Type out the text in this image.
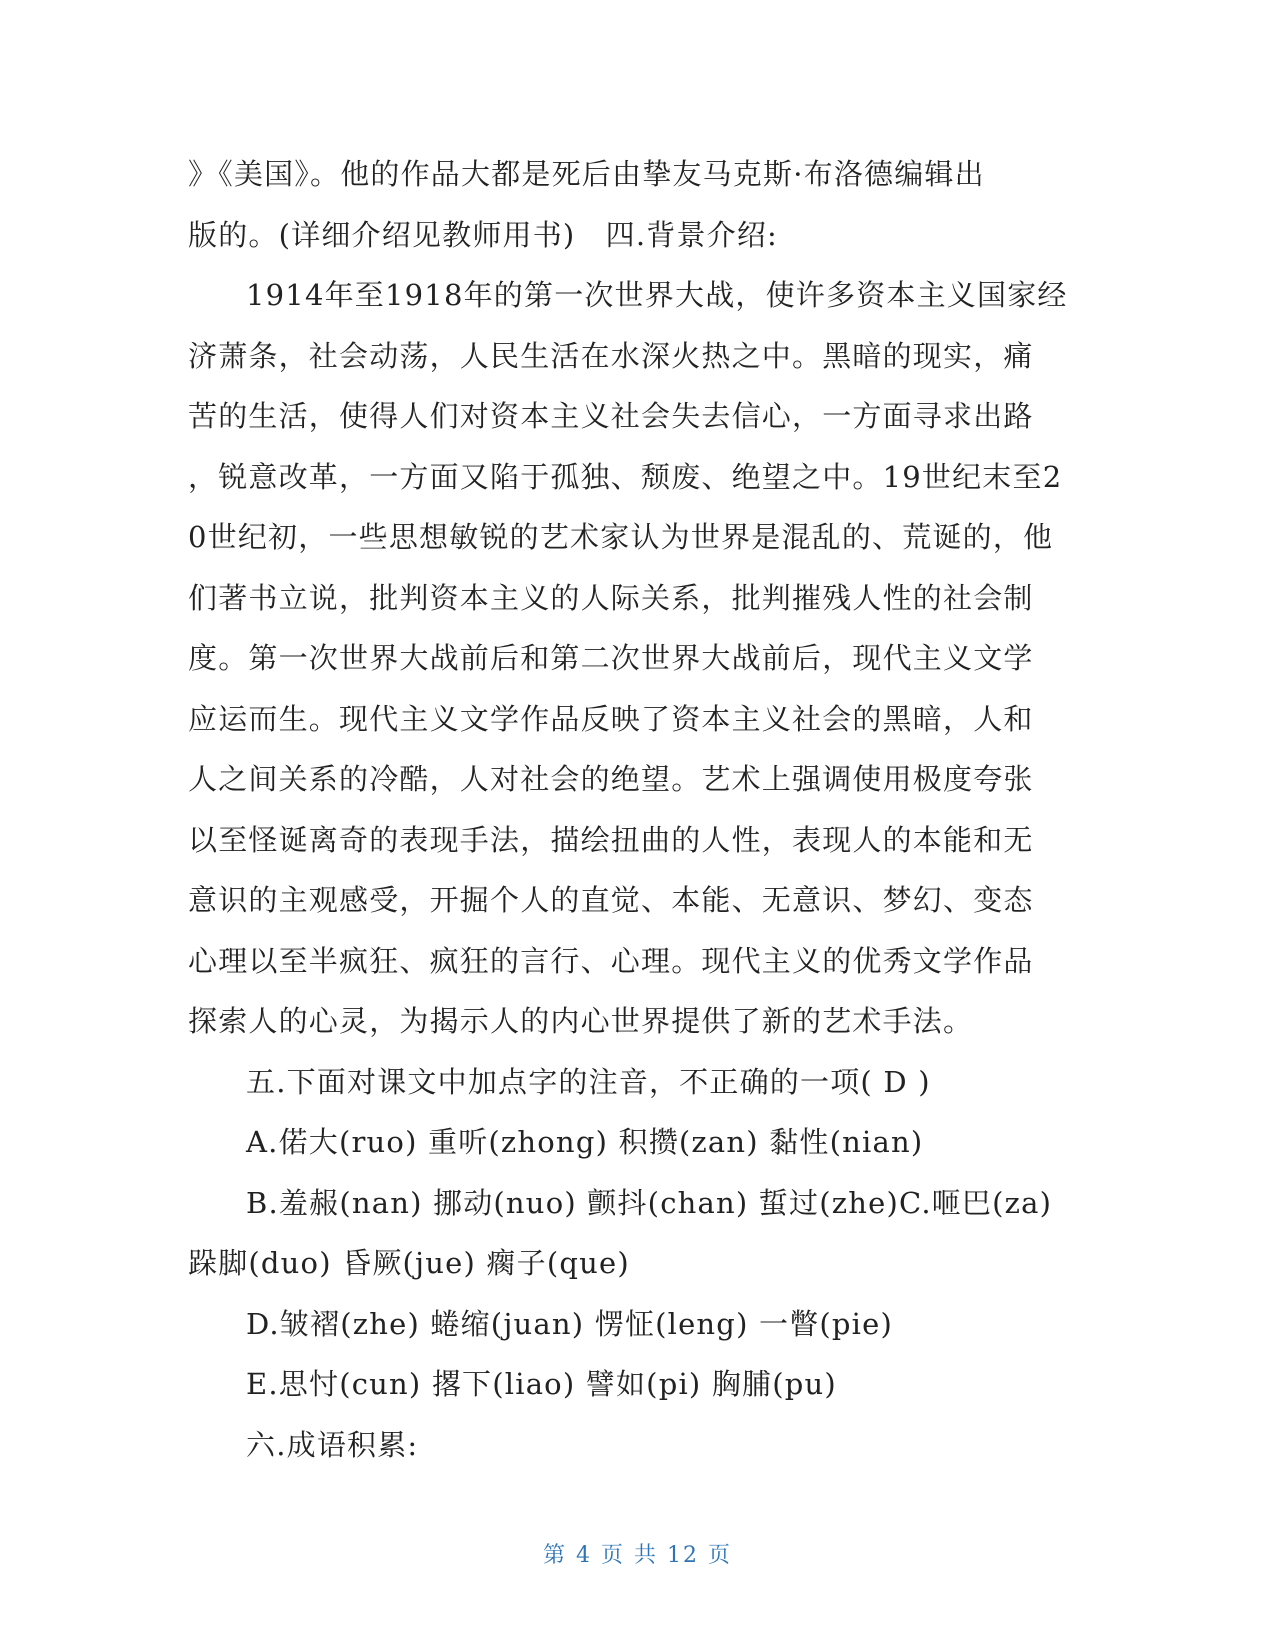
》《美国》。他的作品大都是死后由挚友马克斯·布洛德编辑出
版的。(详细介绍见教师用书)　四.背景介绍:
1914年至1918年的第一次世界大战，使许多资本主义国家经
济萧条，社会动荡，人民生活在水深火热之中。黑暗的现实，痛
苦的生活，使得人们对资本主义社会失去信心，一方面寻求出路
，锐意改革，一方面又陷于孤独、颓废、绝望之中。19世纪末至2
0世纪初，一些思想敏锐的艺术家认为世界是混乱的、荒诞的，他
们著书立说，批判资本主义的人际关系，批判摧残人性的社会制
度。第一次世界大战前后和第二次世界大战前后，现代主义文学
应运而生。现代主义文学作品反映了资本主义社会的黑暗，人和
人之间关系的冷酷，人对社会的绝望。艺术上强调使用极度夸张
以至怪诞离奇的表现手法，描绘扭曲的人性，表现人的本能和无
意识的主观感受，开掘个人的直觉、本能、无意识、梦幻、变态
心理以至半疯狂、疯狂的言行、心理。现代主义的优秀文学作品
探索人的心灵，为揭示人的内心世界提供了新的艺术手法。
五.下面对课文中加点字的注音，不正确的一项( D )
A.偌大(ruo) 重听(zhong) 积攒(zan) 黏性(nian)
B.羞赧(nan) 挪动(nuo) 颤抖(chan) 蜇过(zhe)C.咂巴(za)
跺脚(duo) 昏厥(jue) 瘸子(que)
D.皱褶(zhe) 蜷缩(juan) 愣怔(leng) 一瞥(pie)
E.思忖(cun) 撂下(liao) 譬如(pi) 胸脯(pu)
六.成语积累:
第 4 页 共 12 页
